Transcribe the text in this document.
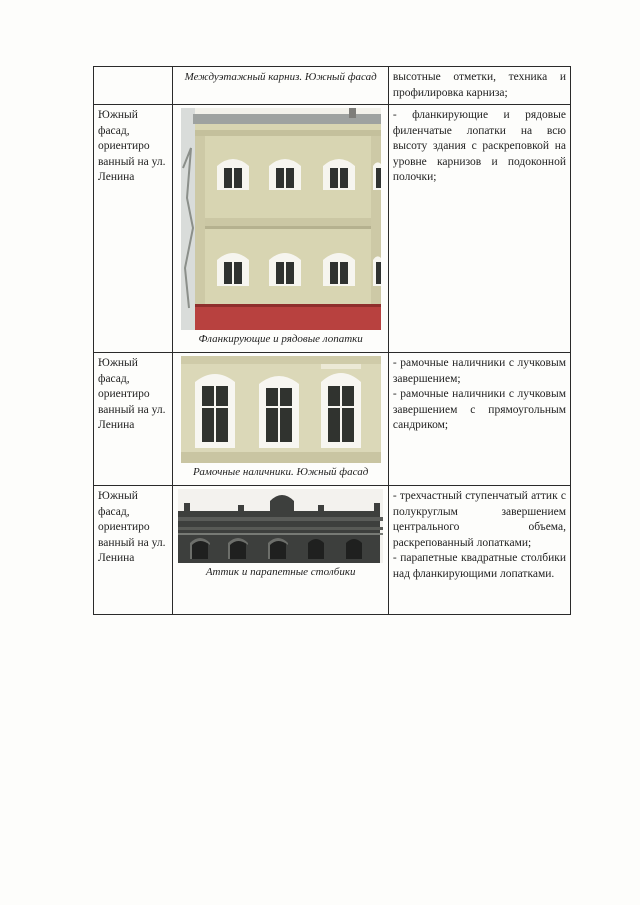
	Междуэтажный карниз. Южный фасад	высотные отметки, техника и профилировка карниза;

Южный фасад, ориентиро ванный на ул. Ленина	Фланкирующие и рядовые лопатки	- фланкирующие и рядовые филенчатые лопатки на всю высоту здания с раскреповкой на уровне карнизов и подоконной полочки;

Южный фасад, ориентиро ванный на ул. Ленина	Рамочные наличники. Южный фасад	- рамочные наличники с лучковым завершением;
- рамочные наличники с лучковым завершением с прямоугольным сандриком;

Южный фасад, ориентиро ванный на ул. Ленина	Аттик и парапетные столбики	- трехчастный ступенчатый аттик с полукруглым завершением центрального объема, раскрепованный лопатками;
- парапетные квадратные столбики над фланкирующими лопатками.
